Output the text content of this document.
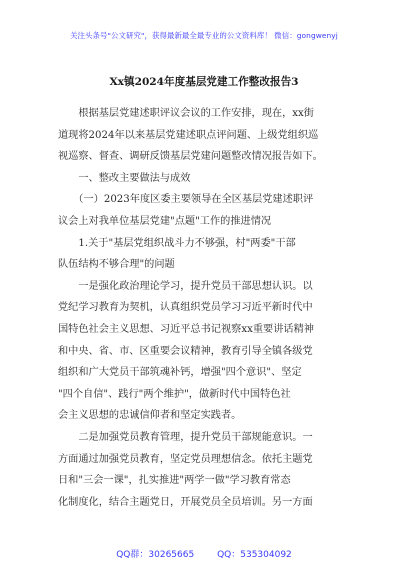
关注头条号"公文研究"，获得最新最全最专业的公文资料库！ 微信：gongwenyj
Xx镇2024年度基层党建工作整改报告3
　　根据基层党建述职评议会议的工作安排，现在，xx街
道现将2024年以来基层党建述职点评问题、上级党组织巡
视巡察、督查、调研反馈基层党建问题整改情况报告如下。
　　一、整改主要做法与成效
　　（一）2023年度区委主要领导在全区基层党建述职评
议会上对我单位基层党建"点题"工作的推进情况
　　1.关于"基层党组织战斗力不够强，村"两委"干部
队伍结构不够合理"的问题
　　一是强化政治理论学习，提升党员干部思想认识。以
党纪学习教育为契机，认真组织党员学习习近平新时代中
国特色社会主义思想、习近平总书记视察xx重要讲话精神
和中央、省、市、区重要会议精神，教育引导全镇各级党
组织和广大党员干部筑魂补钙，增强"四个意识"、坚定
"四个自信"、践行"两个维护"，做新时代中国特色社
会主义思想的忠诚信仰者和坚定实践者。
　　二是加强党员教育管理，提升党员干部规能意识。一
方面通过加强党员教育，坚定党员理想信念。依托主题党
日和"三会一课"，扎实推进"两学一做"学习教育常态
化制度化，结合主题党日，开展党员全员培训。另一方面
QQ群：30265665	QQ：535304092
